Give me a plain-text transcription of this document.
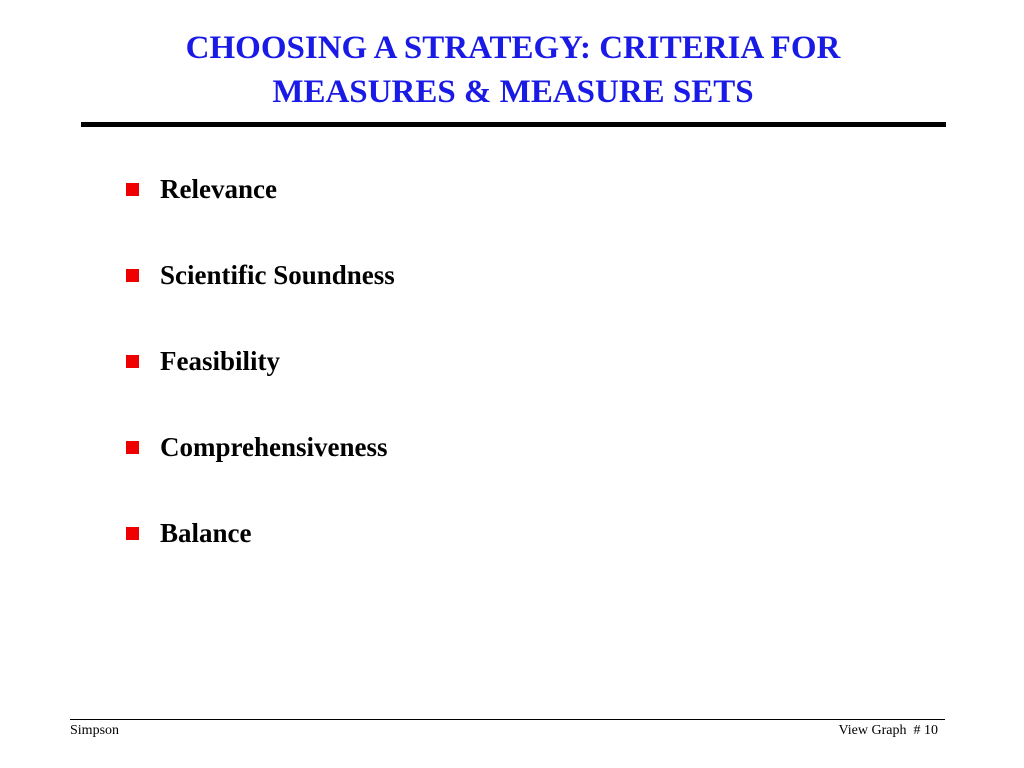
CHOOSING A STRATEGY: CRITERIA FOR
MEASURES & MEASURE SETS
Relevance
Scientific Soundness
Feasibility
Comprehensiveness
Balance
Simpson	View Graph  # 10
